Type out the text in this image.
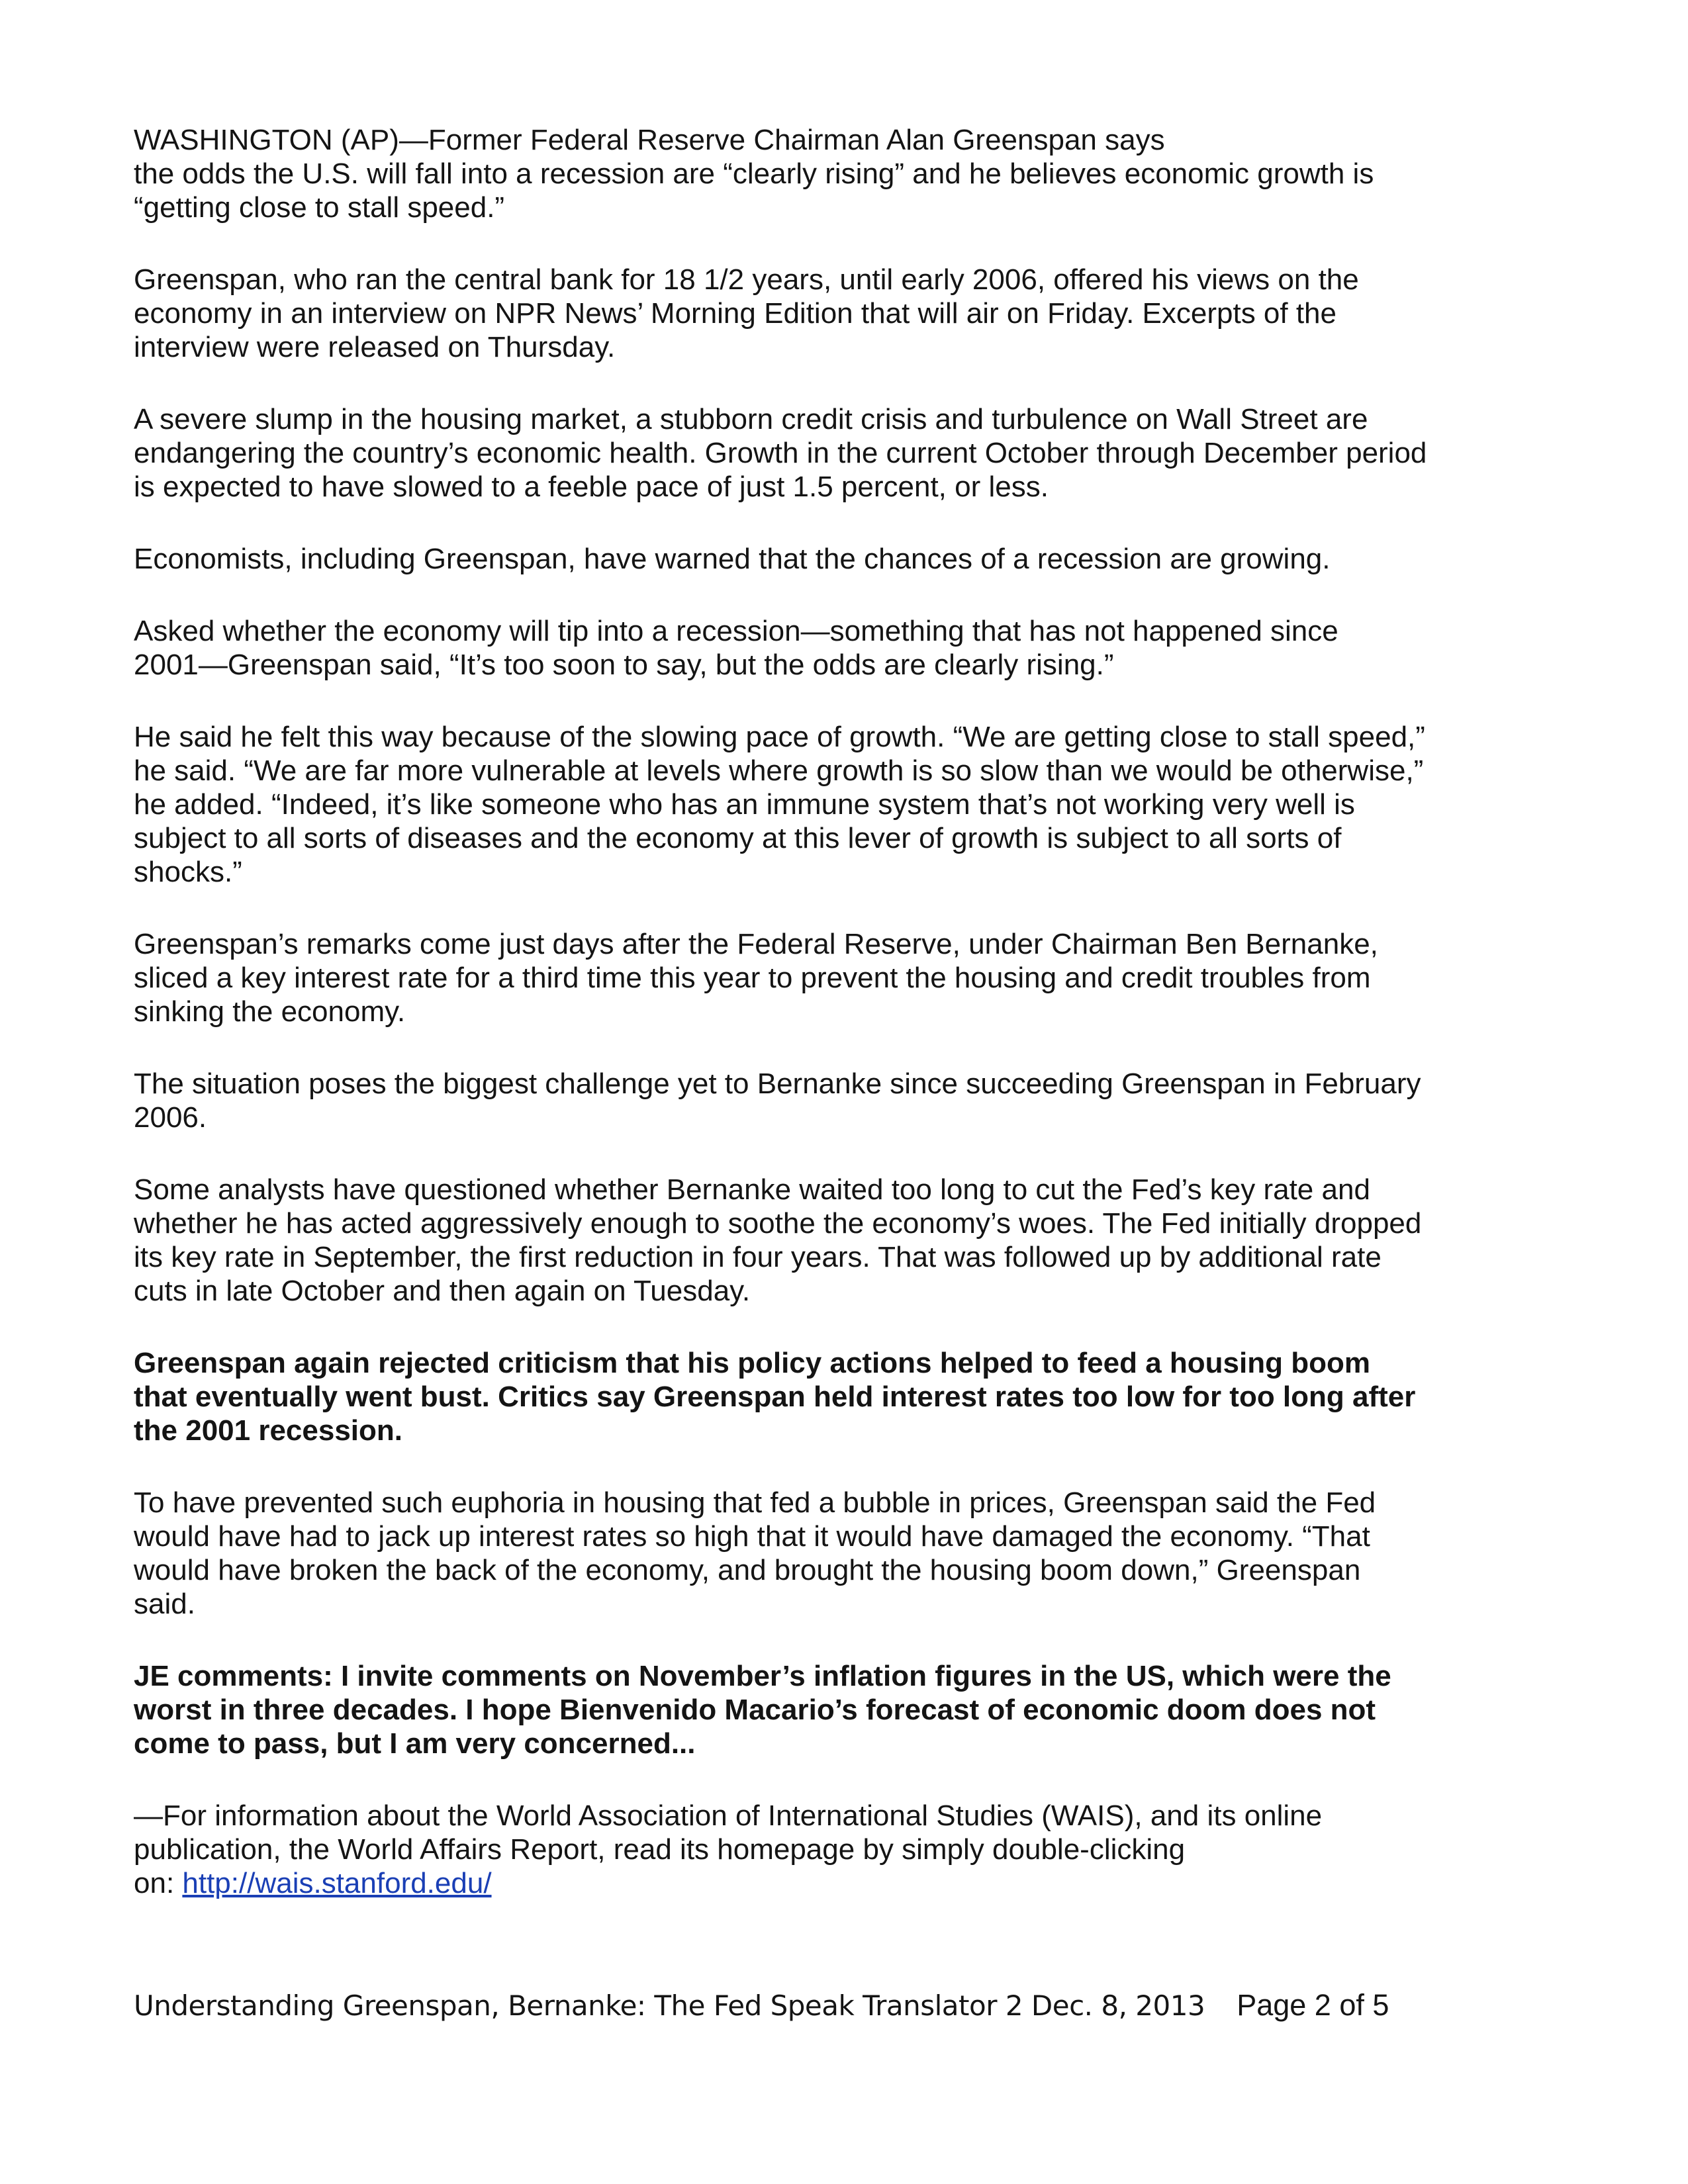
WASHINGTON (AP)—Former Federal Reserve Chairman Alan Greenspan says
the odds the U.S. will fall into a recession are “clearly rising” and he believes economic growth is
“getting close to stall speed.”
Greenspan, who ran the central bank for 18 1/2 years, until early 2006, offered his views on the
economy in an interview on NPR News’ Morning Edition that will air on Friday. Excerpts of the
interview were released on Thursday.
A severe slump in the housing market, a stubborn credit crisis and turbulence on Wall Street are
endangering the country’s economic health. Growth in the current October through December period
is expected to have slowed to a feeble pace of just 1.5 percent, or less.
Economists, including Greenspan, have warned that the chances of a recession are growing.
Asked whether the economy will tip into a recession—something that has not happened since
2001—Greenspan said, “It’s too soon to say, but the odds are clearly rising.”
He said he felt this way because of the slowing pace of growth. “We are getting close to stall speed,”
he said. “We are far more vulnerable at levels where growth is so slow than we would be otherwise,”
he added. “Indeed, it’s like someone who has an immune system that’s not working very well is
subject to all sorts of diseases and the economy at this lever of growth is subject to all sorts of
shocks.”
Greenspan’s remarks come just days after the Federal Reserve, under Chairman Ben Bernanke,
sliced a key interest rate for a third time this year to prevent the housing and credit troubles from
sinking the economy.
The situation poses the biggest challenge yet to Bernanke since succeeding Greenspan in February
2006.
Some analysts have questioned whether Bernanke waited too long to cut the Fed’s key rate and
whether he has acted aggressively enough to soothe the economy’s woes. The Fed initially dropped
its key rate in September, the first reduction in four years. That was followed up by additional rate
cuts in late October and then again on Tuesday.
Greenspan again rejected criticism that his policy actions helped to feed a housing boom
that eventually went bust. Critics say Greenspan held interest rates too low for too long after
the 2001 recession.
To have prevented such euphoria in housing that fed a bubble in prices, Greenspan said the Fed
would have had to jack up interest rates so high that it would have damaged the economy. “That
would have broken the back of the economy, and brought the housing boom down,” Greenspan
said.
JE comments: I invite comments on November’s inflation figures in the US, which were the
worst in three decades. I hope Bienvenido Macario’s forecast of economic doom does not
come to pass, but I am very concerned...
—For information about the World Association of International Studies (WAIS), and its online
publication, the World Affairs Report, read its homepage by simply double-clicking
on: http://wais.stanford.edu/
Understanding Greenspan, Bernanke: The Fed Speak Translator 2 Dec. 8, 2013 Page 2 of 5
